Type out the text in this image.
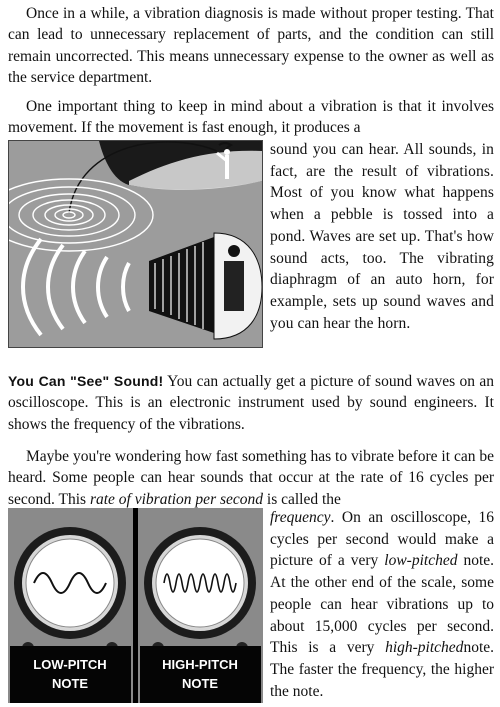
Once in a while, a vibration diagnosis is made without proper testing. That can lead to unnecessary replacement of parts, and the condition can still remain uncorrected. This means unnecessary expense to the owner as well as the service department.

One important thing to keep in mind about a vibration is that it involves movement. If the movement is fast enough, it produces a

sound you can hear. All sounds, in fact, are the result of vibrations. Most of you know what happens when a pebble is tossed into a pond. Waves are set up. That's how sound acts, too. The vibrating diaphragm of an auto horn, for example, sets up sound waves and you can hear the horn.

You Can "See" Sound! You can actually get a picture of sound waves on an oscilloscope. This is an electronic instrument used by sound engineers. It shows the frequency of the vibrations.

Maybe you're wondering how fast something has to vibrate before it can be heard. Some people can hear sounds that occur at the rate of 16 cycles per second. This rate of vibration per second is called the

LOW-PITCH
NOTE
HIGH-PITCH
NOTE

frequency. On an oscilloscope, 16 cycles per second would make a picture of a very low-pitched note. At the other end of the scale, some people can hear vibrations up to about 15,000 cycles per second. This is a very high-pitchednote. The faster the frequency, the higher the note.
